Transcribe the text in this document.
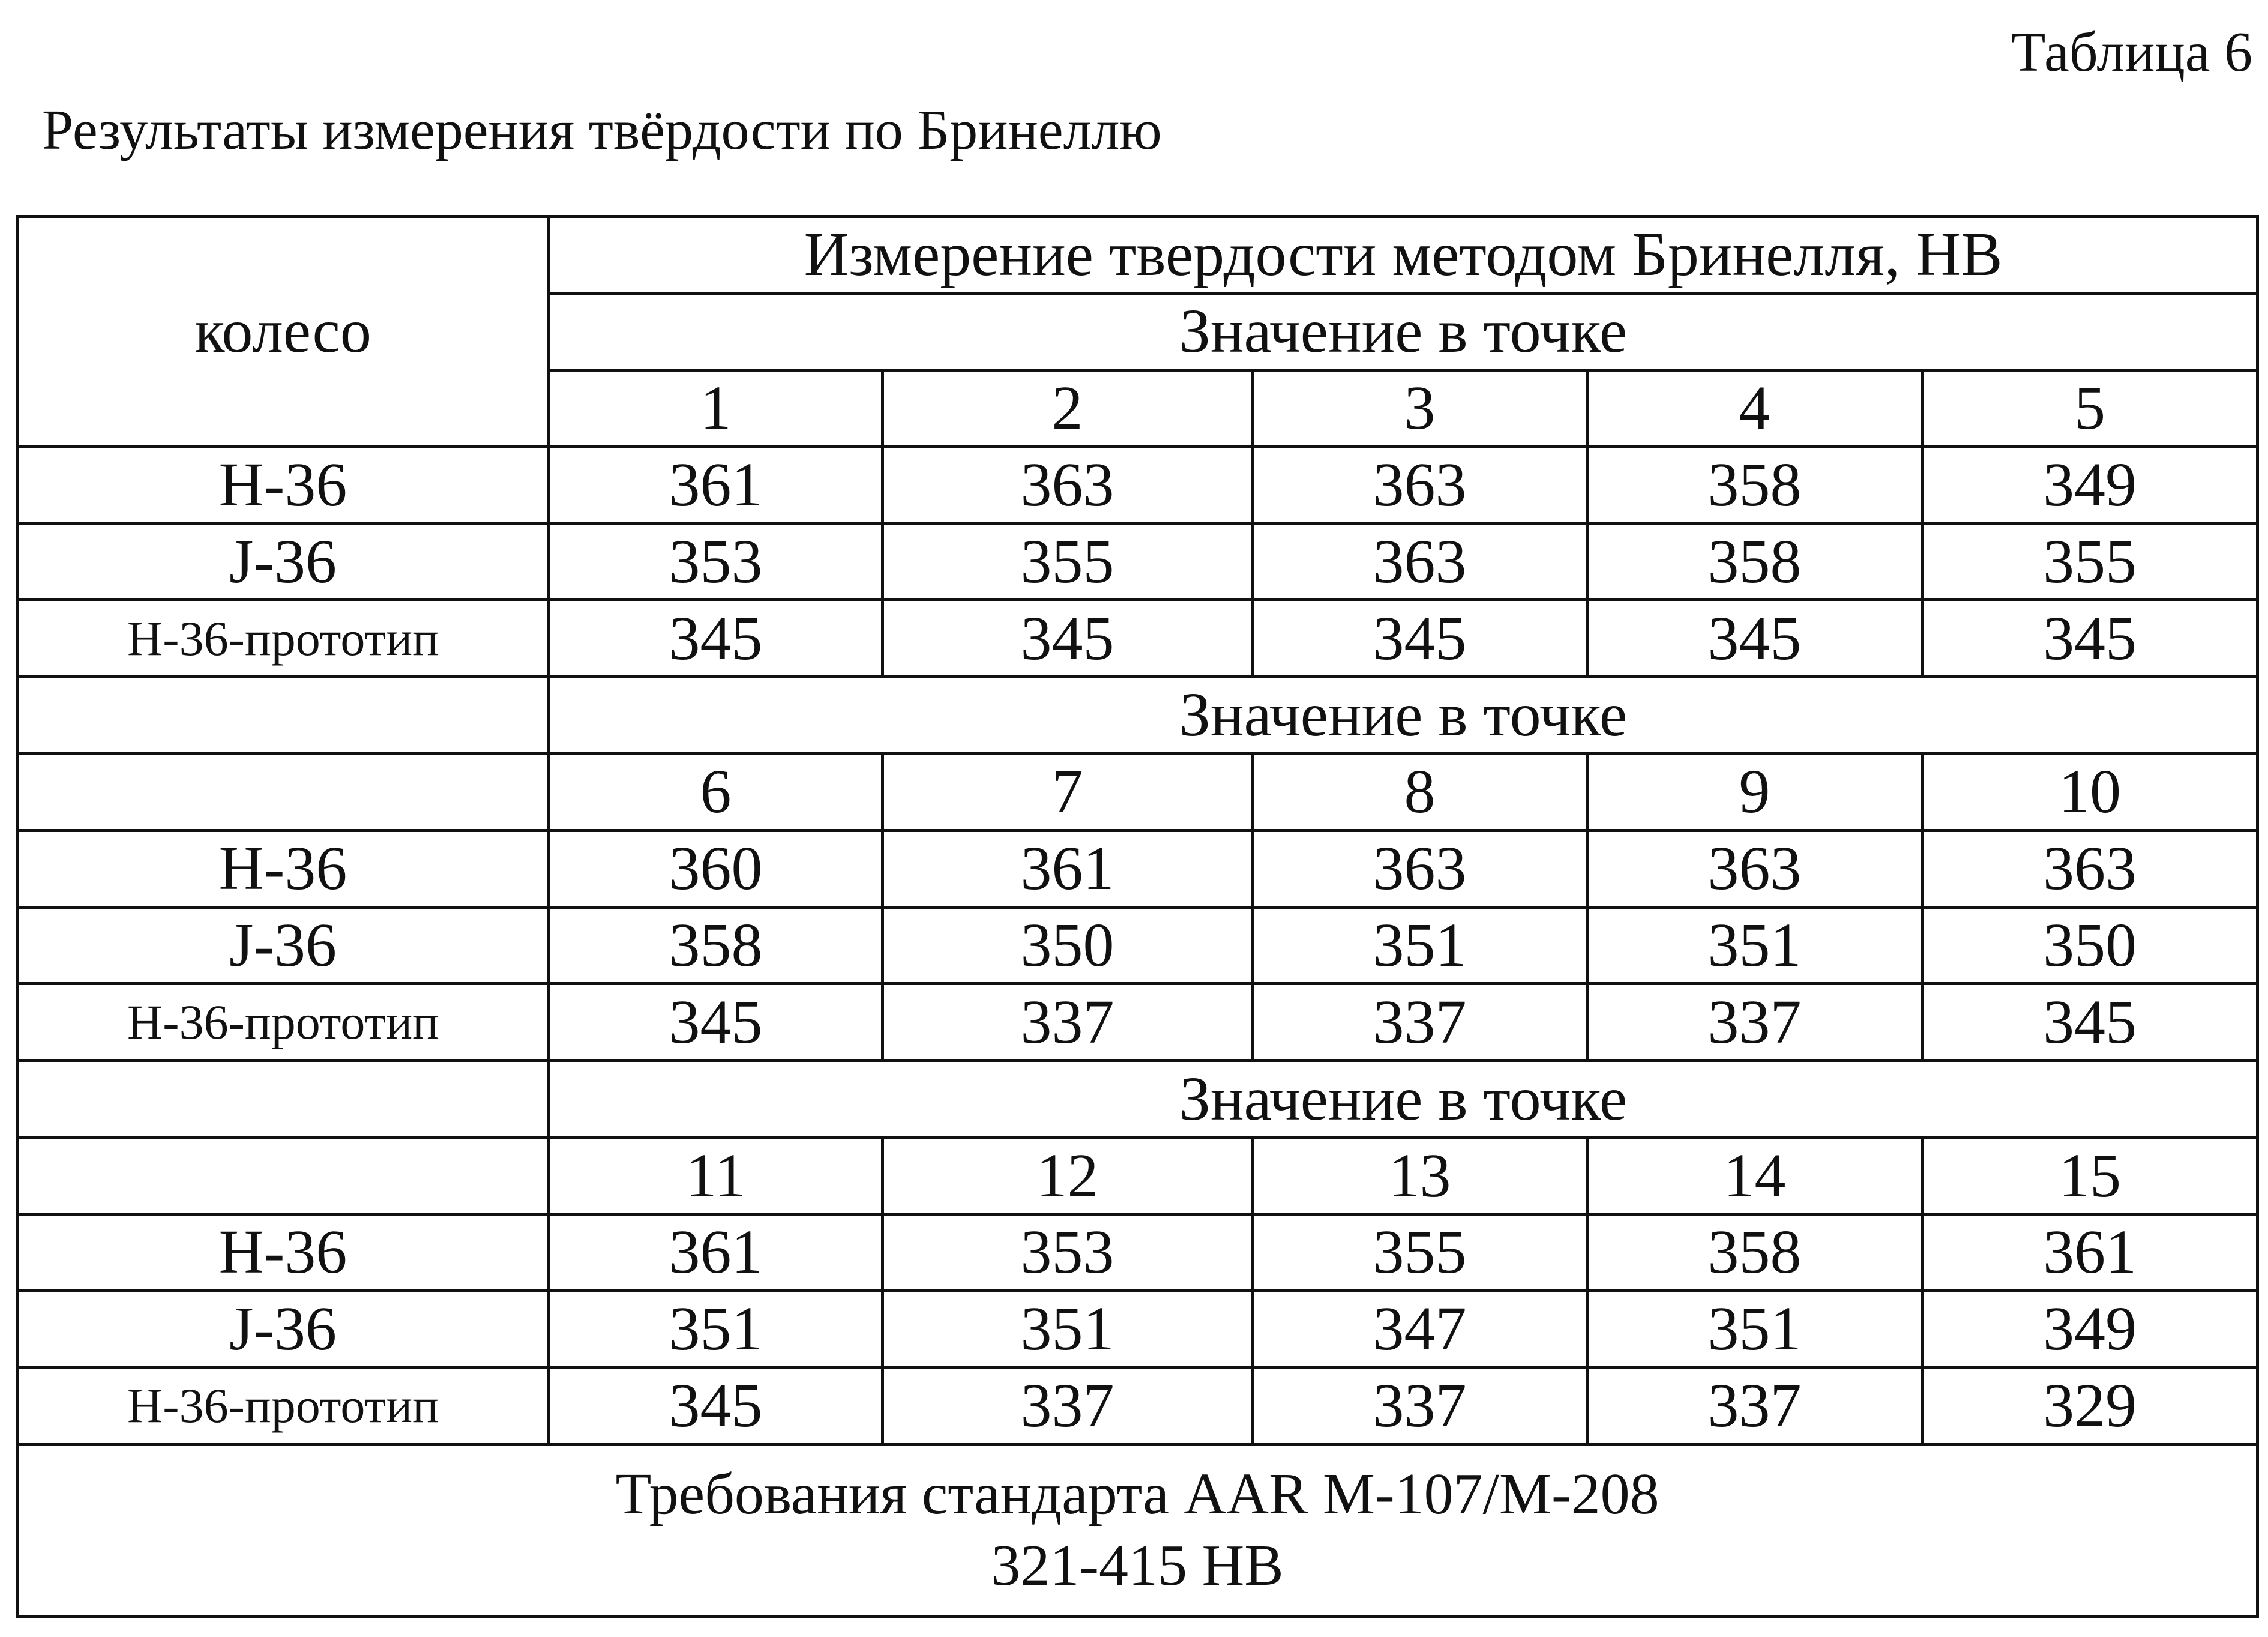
Таблица 6
Результаты измерения твёрдости по Бринеллю
колесо	Измерение твердости методом Бринелля, НВ				
	Значение в точке				
	1	2	3	4	5
Н-36	361	363	363	358	349
J-36	353	355	363	358	355
Н-36-прототип	345	345	345	345	345
	Значение в точке				
	6	7	8	9	10
Н-36	360	361	363	363	363
J-36	358	350	351	351	350
Н-36-прототип	345	337	337	337	345
	Значение в точке				
	11	12	13	14	15
Н-36	361	353	355	358	361
J-36	351	351	347	351	349
Н-36-прототип	345	337	337	337	329

Требования стандарта AAR M-107/M-208
321-415 НВ					
